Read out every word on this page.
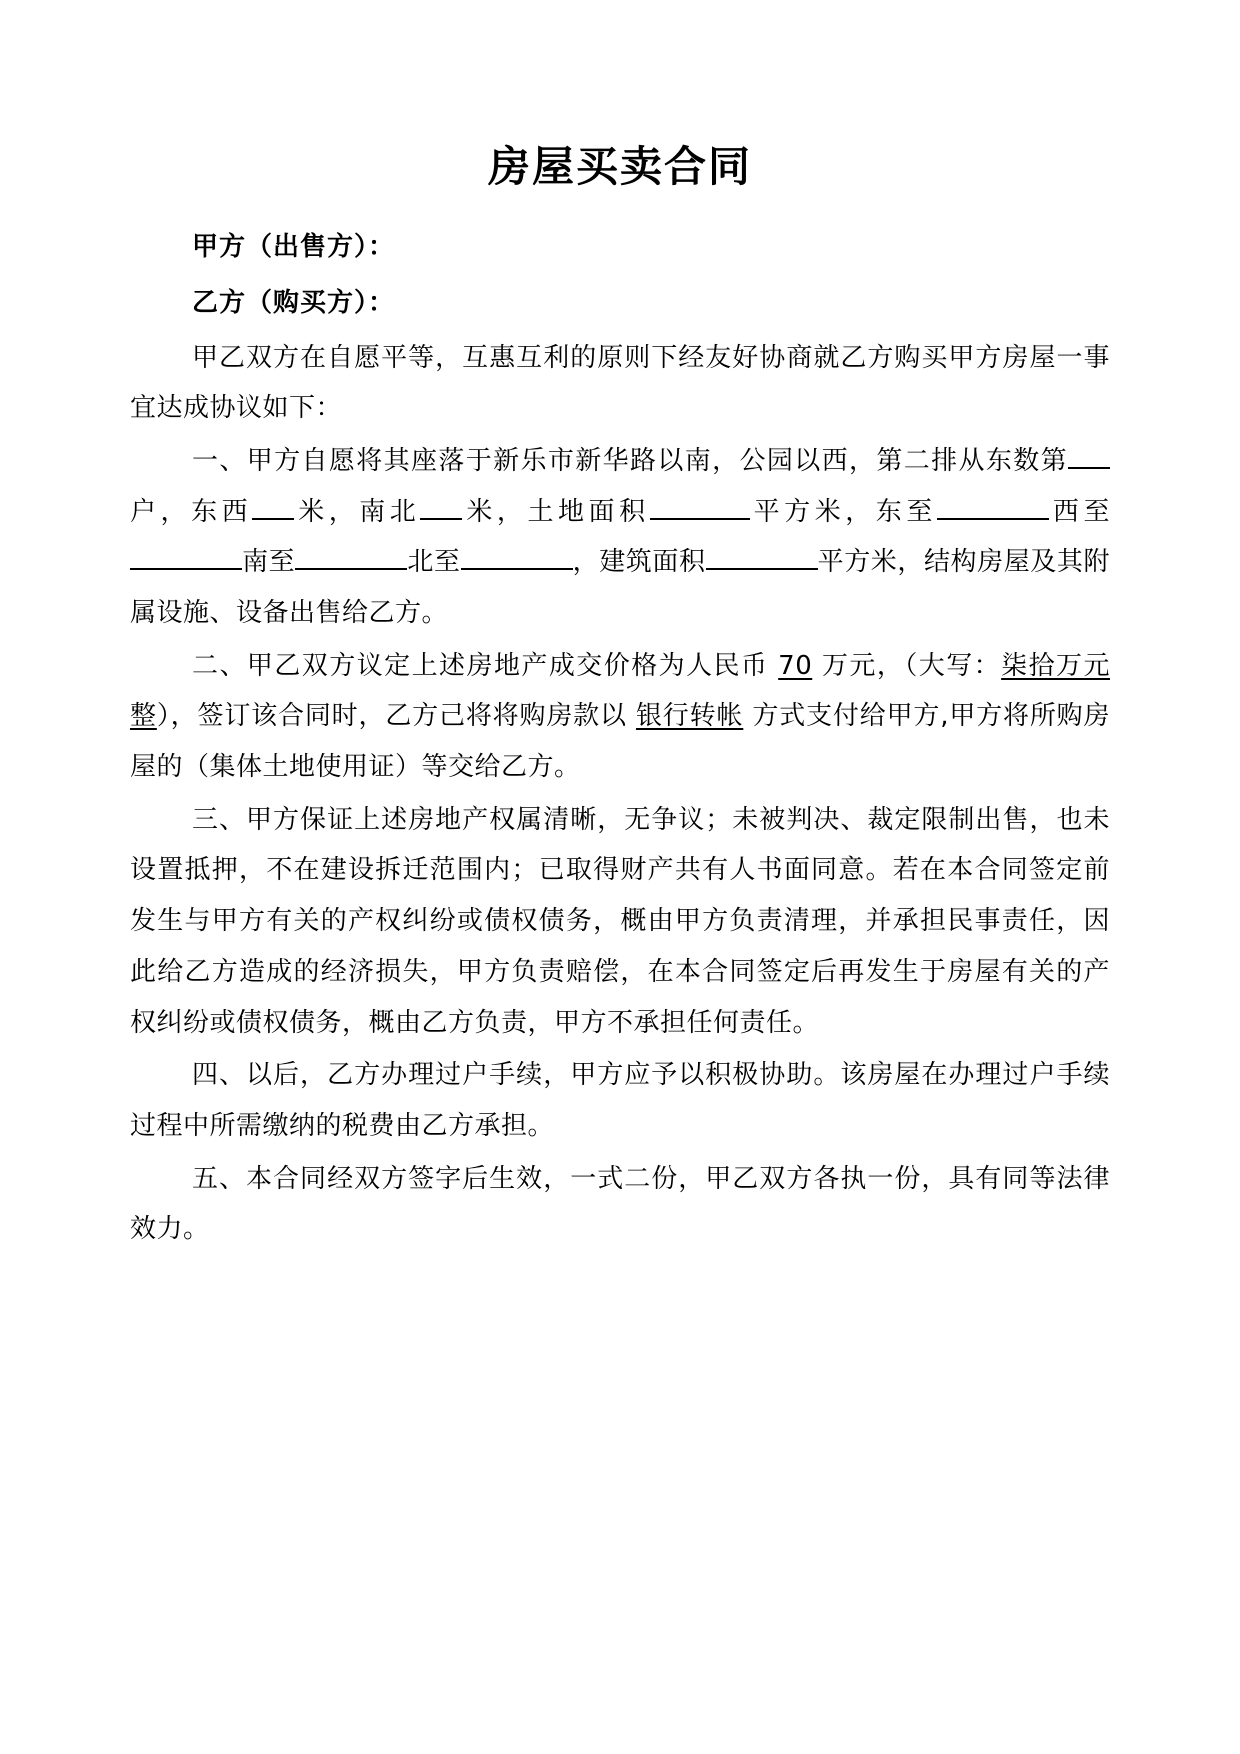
房屋买卖合同
甲方（出售方）：
乙方（购买方）：

甲乙双方在自愿平等，互惠互利的原则下经友好协商就乙方购买甲方房屋一事宜达成协议如下：

一、甲方自愿将其座落于新乐市新华路以南，公园以西，第二排从东数第户，东西 米，南北 米，土地面积	平方米，东至	西至南至	北至	，建筑面积	平方米，结构房屋及其附属设施、设备出售给乙方。

二、甲乙双方议定上述房地产成交价格为人民币 70 万元，（大写：柒拾万元整），签订该合同时，乙方己将将购房款以 银行转帐 方式支付给甲方,甲方将所购房屋的（集体土地使用证）等交给乙方。

三、甲方保证上述房地产权属清晰，无争议；未被判决、裁定限制出售，也未设置抵押，不在建设拆迁范围内；已取得财产共有人书面同意。若在本合同签定前发生与甲方有关的产权纠纷或债权债务，概由甲方负责清理，并承担民事责任，因此给乙方造成的经济损失，甲方负责赔偿，在本合同签定后再发生于房屋有关的产权纠纷或债权债务，概由乙方负责，甲方不承担任何责任。

四、以后，乙方办理过户手续，甲方应予以积极协助。该房屋在办理过户手续过程中所需缴纳的税费由乙方承担。

五、本合同经双方签字后生效，一式二份，甲乙双方各执一份，具有同等法律效力。
